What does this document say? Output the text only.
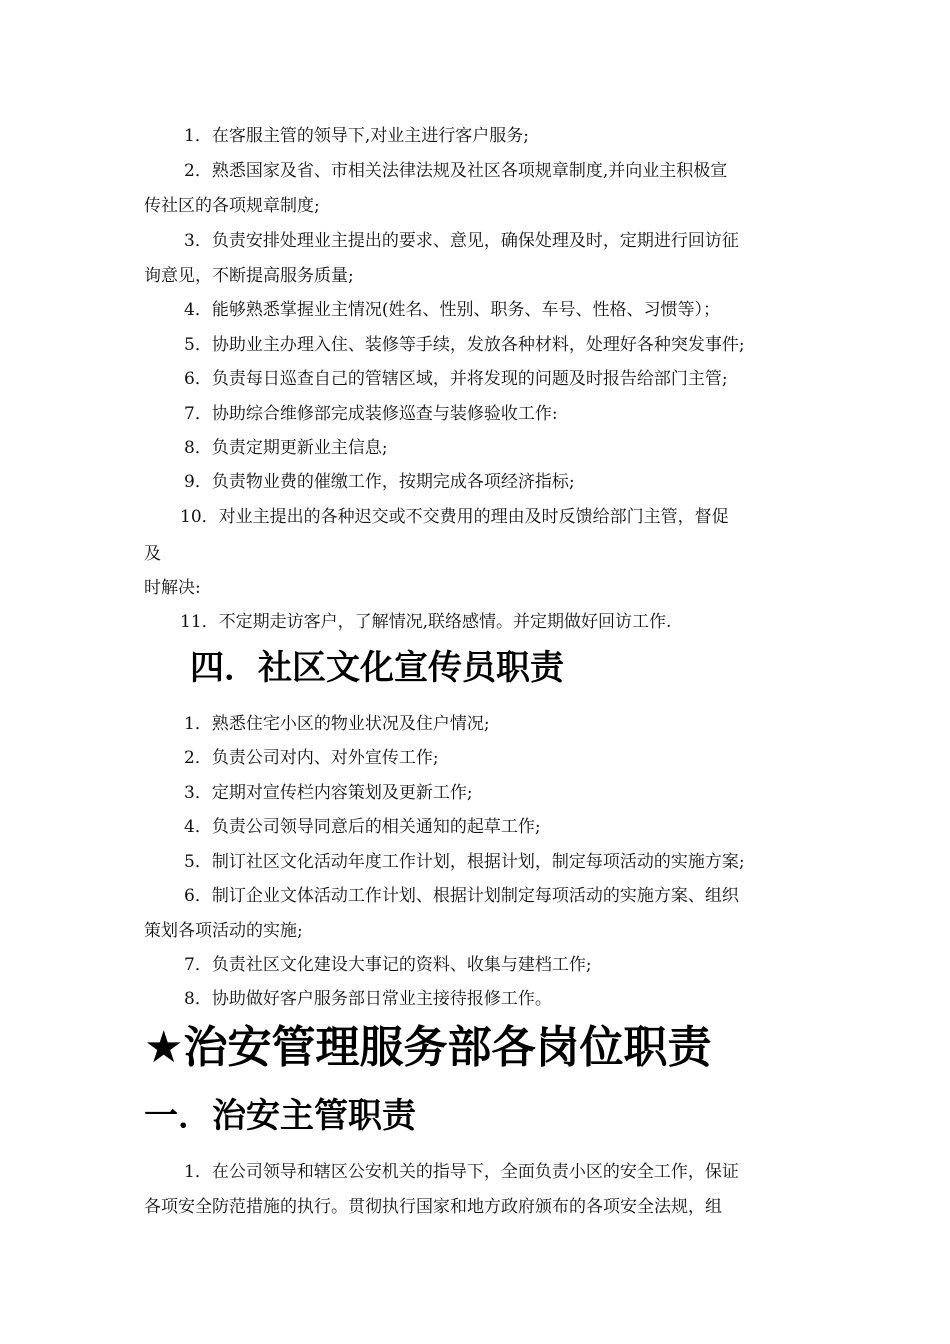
1．在客服主管的领导下,对业主进行客户服务;
2．熟悉国家及省、市相关法律法规及社区各项规章制度,并向业主积极宣
传社区的各项规章制度;
3．负责安排处理业主提出的要求、意见，确保处理及时，定期进行回访征
询意见，不断提高服务质量;
4．能够熟悉掌握业主情况(姓名、性别、职务、车号、性格、习惯等）；
5．协助业主办理入住、装修等手续，发放各种材料，处理好各种突发事件;
6．负责每日巡查自己的管辖区域，并将发现的问题及时报告给部门主管;
7．协助综合维修部完成装修巡查与装修验收工作:
8．负责定期更新业主信息;
9．负责物业费的催缴工作，按期完成各项经济指标;
10．对业主提出的各种迟交或不交费用的理由及时反馈给部门主管，督促
及
时解决:
11．不定期走访客户，了解情况,联络感情。并定期做好回访工作.
四．社区文化宣传员职责
1．熟悉住宅小区的物业状况及住户情况;
2．负责公司对内、对外宣传工作;
3．定期对宣传栏内容策划及更新工作;
4．负责公司领导同意后的相关通知的起草工作;
5．制订社区文化活动年度工作计划，根据计划，制定每项活动的实施方案;
6．制订企业文体活动工作计划、根据计划制定每项活动的实施方案、组织
策划各项活动的实施;
7．负责社区文化建设大事记的资料、收集与建档工作;
8．协助做好客户服务部日常业主接待报修工作。
★治安管理服务部各岗位职责
一．治安主管职责
1．在公司领导和辖区公安机关的指导下，全面负责小区的安全工作，保证
各项安全防范措施的执行。贯彻执行国家和地方政府颁布的各项安全法规，组
